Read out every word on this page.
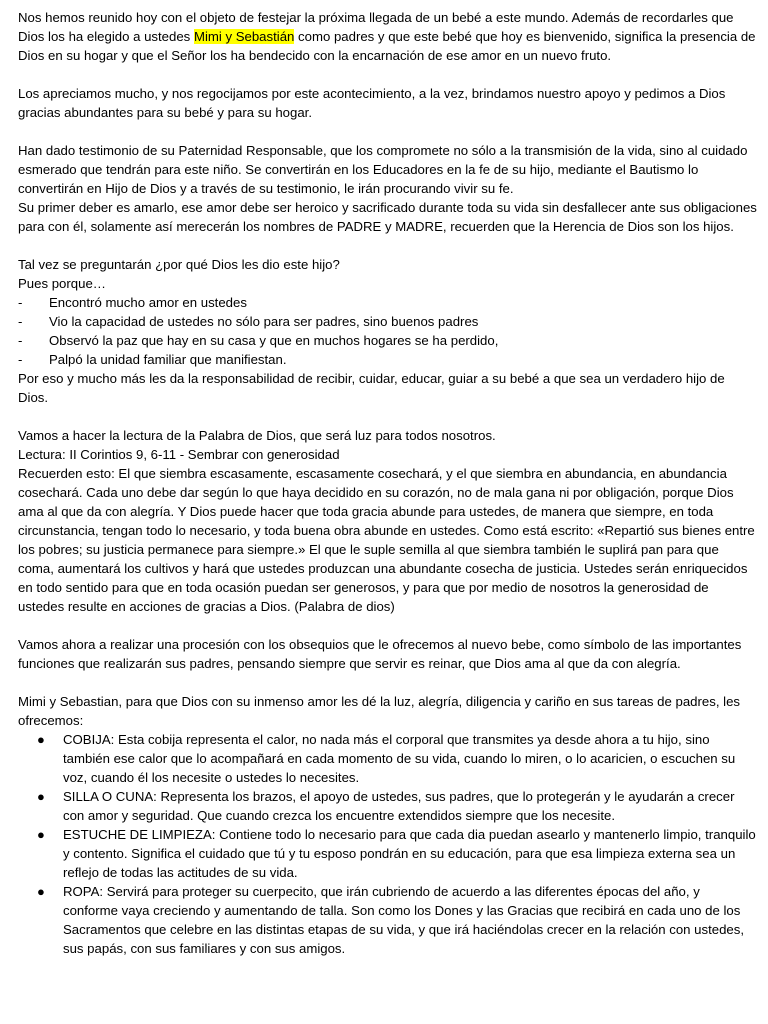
Nos hemos reunido hoy con el objeto de festejar la próxima llegada de un bebé a este mundo. Además de recordarles que Dios los ha elegido a ustedes Mimi y Sebastián como padres y que este bebé que hoy es bienvenido, significa la presencia de Dios en su hogar y que el Señor los ha bendecido con la encarnación de ese amor en un nuevo fruto.

Los apreciamos mucho, y nos regocijamos por este acontecimiento, a la vez, brindamos nuestro apoyo y pedimos a Dios gracias abundantes para su bebé y para su hogar.

Han dado testimonio de su Paternidad Responsable, que los compromete no sólo a la transmisión de la vida, sino al cuidado esmerado que tendrán para este niño. Se convertirán en los Educadores en la fe de su hijo, mediante el Bautismo lo convertirán en Hijo de Dios y a través de su testimonio, le irán procurando vivir su fe.

Su primer deber es amarlo, ese amor debe ser heroico y sacrificado durante toda su vida sin desfallecer ante sus obligaciones para con él, solamente así merecerán los nombres de PADRE y MADRE, recuerden que la Herencia de Dios son los hijos.

Tal vez se preguntarán ¿por qué Dios les dio este hijo?

Pues porque…

- Encontró mucho amor en ustedes
- Vio la capacidad de ustedes no sólo para ser padres, sino buenos padres
- Observó la paz que hay en su casa y que en muchos hogares se ha perdido,
- Palpó la unidad familiar que manifiestan.

Por eso y mucho más les da la responsabilidad de recibir, cuidar, educar, guiar a su bebé a que sea un verdadero hijo de Dios.

Vamos a hacer la lectura de la Palabra de Dios, que será luz para todos nosotros.

Lectura: II Corintios 9, 6-11 - Sembrar con generosidad

Recuerden esto: El que siembra escasamente, escasamente cosechará, y el que siembra en abundancia, en abundancia cosechará. Cada uno debe dar según lo que haya decidido en su corazón, no de mala gana ni por obligación, porque Dios ama al que da con alegría. Y Dios puede hacer que toda gracia abunde para ustedes, de manera que siempre, en toda circunstancia, tengan todo lo necesario, y toda buena obra abunde en ustedes. Como está escrito: «Repartió sus bienes entre los pobres; su justicia permanece para siempre.» El que le suple semilla al que siembra también le suplirá pan para que coma, aumentará los cultivos y hará que ustedes produzcan una abundante cosecha de justicia. Ustedes serán enriquecidos en todo sentido para que en toda ocasión puedan ser generosos, y para que por medio de nosotros la generosidad de ustedes resulte en acciones de gracias a Dios. (Palabra de dios)

Vamos ahora a realizar una procesión con los obsequios que le ofrecemos al nuevo bebe, como símbolo de las importantes funciones que realizarán sus padres, pensando siempre que servir es reinar, que Dios ama al que da con alegría.

Mimi y Sebastian, para que Dios con su inmenso amor les dé la luz, alegría, diligencia y cariño en sus tareas de padres, les ofrecemos:

● COBIJA: Esta cobija representa el calor, no nada más el corporal que transmites ya desde ahora a tu hijo, sino también ese calor que lo acompañará en cada momento de su vida, cuando lo miren, o lo acaricien, o escuchen su voz, cuando él los necesite o ustedes lo necesites.
● SILLA O CUNA: Representa los brazos, el apoyo de ustedes, sus padres, que lo protegerán y le ayudarán a crecer con amor y seguridad. Que cuando crezca los encuentre extendidos siempre que los necesite.
● ESTUCHE DE LIMPIEZA: Contiene todo lo necesario para que cada dia puedan asearlo y mantenerlo limpio, tranquilo y contento. Significa el cuidado que tú y tu esposo pondrán en su educación, para que esa limpieza externa sea un reflejo de todas las actitudes de su vida.
● ROPA: Servirá para proteger su cuerpecito, que irán cubriendo de acuerdo a las diferentes épocas del año, y conforme vaya creciendo y aumentando de talla. Son como los Dones y las Gracias que recibirá en cada uno de los Sacramentos que celebre en las distintas etapas de su vida, y que irá haciéndolas crecer en la relación con ustedes, sus papás, con sus familiares y con sus amigos.
